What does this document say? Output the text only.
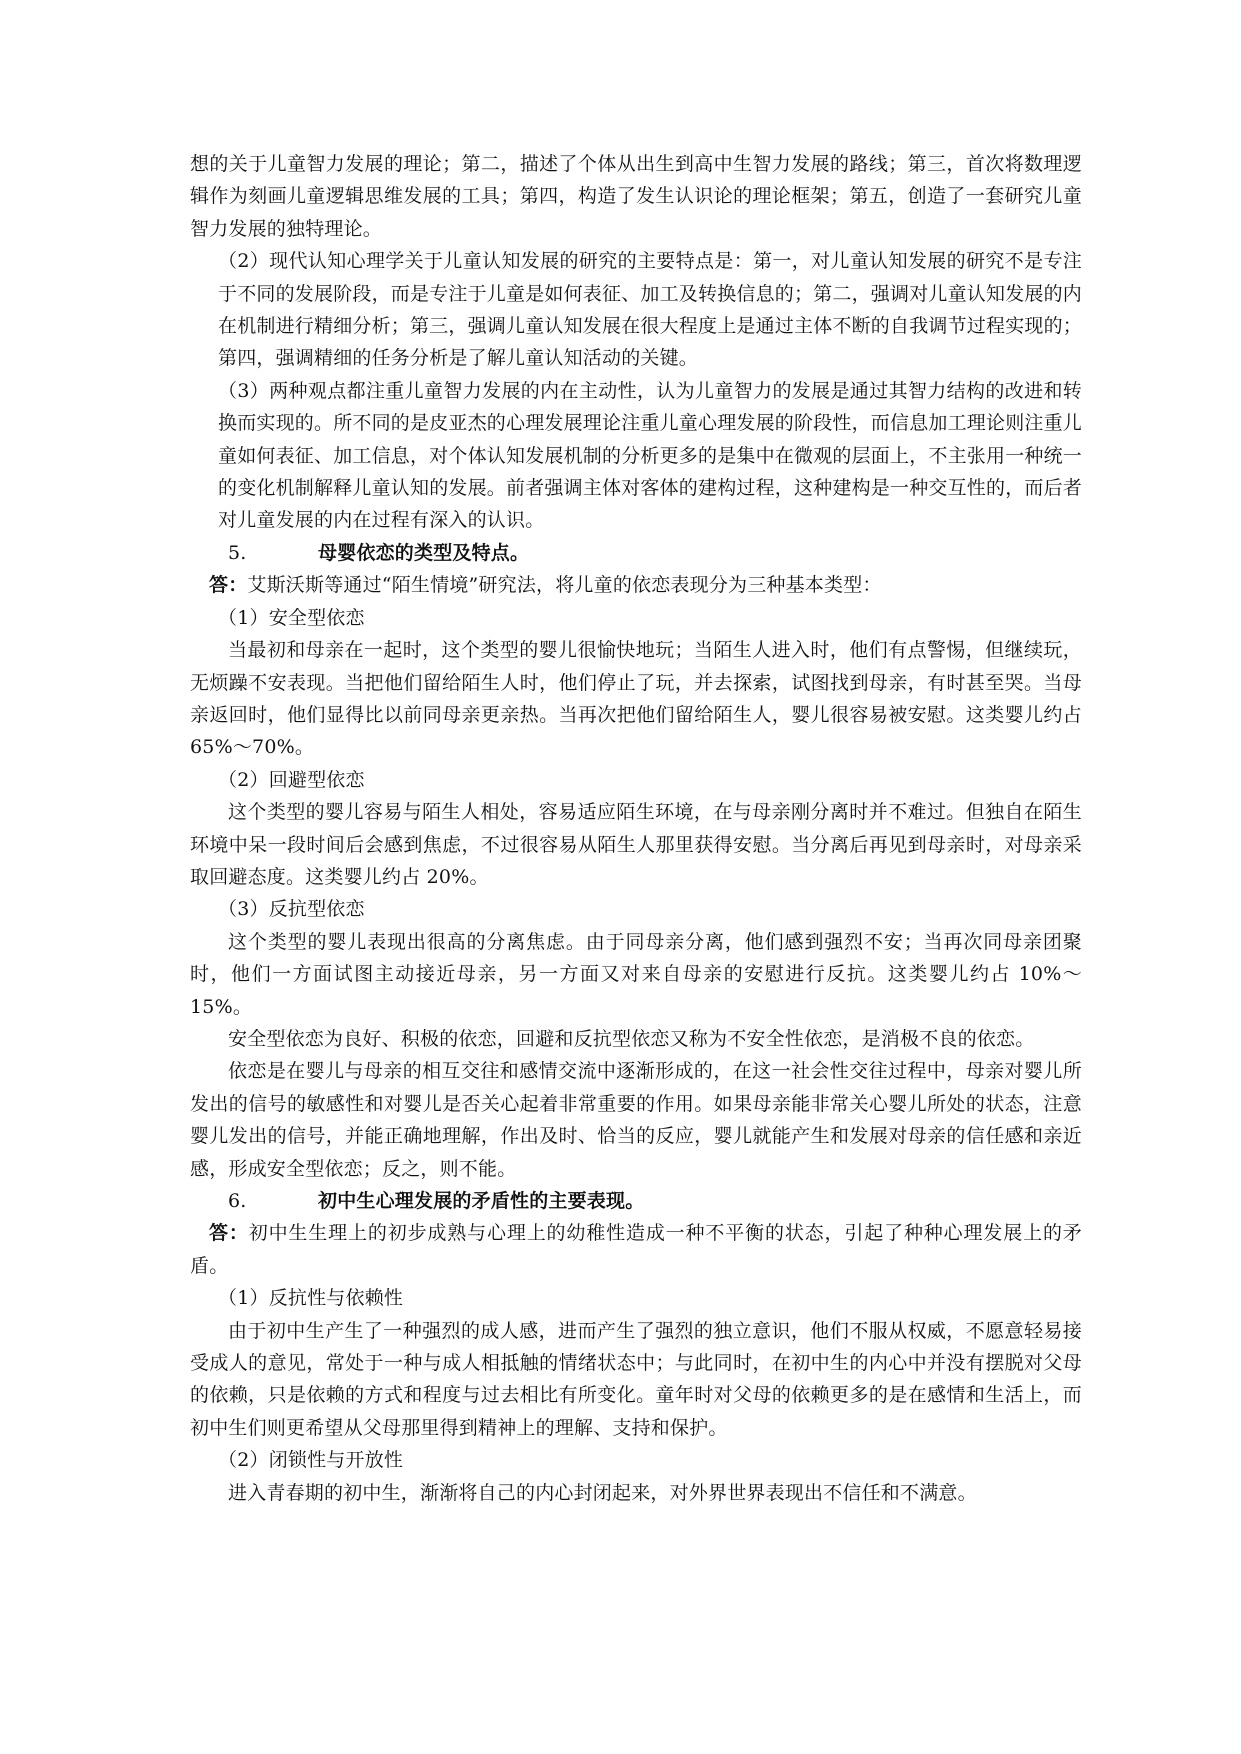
想的关于儿童智力发展的理论；第二，描述了个体从出生到高中生智力发展的路线；第三，首次将数理逻辑作为刻画儿童逻辑思维发展的工具；第四，构造了发生认识论的理论框架；第五，创造了一套研究儿童智力发展的独特理论。

（2）现代认知心理学关于儿童认知发展的研究的主要特点是：第一，对儿童认知发展的研究不是专注于不同的发展阶段，而是专注于儿童是如何表征、加工及转换信息的；第二，强调对儿童认知发展的内在机制进行精细分析；第三，强调儿童认知发展在很大程度上是通过主体不断的自我调节过程实现的；第四，强调精细的任务分析是了解儿童认知活动的关键。

（3）两种观点都注重儿童智力发展的内在主动性，认为儿童智力的发展是通过其智力结构的改进和转换而实现的。所不同的是皮亚杰的心理发展理论注重儿童心理发展的阶段性，而信息加工理论则注重儿童如何表征、加工信息，对个体认知发展机制的分析更多的是集中在微观的层面上，不主张用一种统一的变化机制解释儿童认知的发展。前者强调主体对客体的建构过程，这种建构是一种交互性的，而后者对儿童发展的内在过程有深入的认识。

5.	母婴依恋的类型及特点。

答：艾斯沃斯等通过“陌生情境”研究法，将儿童的依恋表现分为三种基本类型：

（1）安全型依恋

当最初和母亲在一起时，这个类型的婴儿很愉快地玩；当陌生人进入时，他们有点警惕，但继续玩，无烦躁不安表现。当把他们留给陌生人时，他们停止了玩，并去探索，试图找到母亲，有时甚至哭。当母亲返回时，他们显得比以前同母亲更亲热。当再次把他们留给陌生人，婴儿很容易被安慰。这类婴儿约占 65%～70%。

（2）回避型依恋

这个类型的婴儿容易与陌生人相处，容易适应陌生环境，在与母亲刚分离时并不难过。但独自在陌生环境中呆一段时间后会感到焦虑，不过很容易从陌生人那里获得安慰。当分离后再见到母亲时，对母亲采取回避态度。这类婴儿约占 20%。

（3）反抗型依恋

这个类型的婴儿表现出很高的分离焦虑。由于同母亲分离，他们感到强烈不安；当再次同母亲团聚时，他们一方面试图主动接近母亲，另一方面又对来自母亲的安慰进行反抗。这类婴儿约占 10%～15%。

安全型依恋为良好、积极的依恋，回避和反抗型依恋又称为不安全性依恋，是消极不良的依恋。

依恋是在婴儿与母亲的相互交往和感情交流中逐渐形成的，在这一社会性交往过程中，母亲对婴儿所发出的信号的敏感性和对婴儿是否关心起着非常重要的作用。如果母亲能非常关心婴儿所处的状态，注意婴儿发出的信号，并能正确地理解，作出及时、恰当的反应，婴儿就能产生和发展对母亲的信任感和亲近感，形成安全型依恋；反之，则不能。

6.	初中生心理发展的矛盾性的主要表现。

答：初中生生理上的初步成熟与心理上的幼稚性造成一种不平衡的状态，引起了种种心理发展上的矛盾。

（1）反抗性与依赖性

由于初中生产生了一种强烈的成人感，进而产生了强烈的独立意识，他们不服从权威，不愿意轻易接受成人的意见，常处于一种与成人相抵触的情绪状态中；与此同时，在初中生的内心中并没有摆脱对父母的依赖，只是依赖的方式和程度与过去相比有所变化。童年时对父母的依赖更多的是在感情和生活上，而初中生们则更希望从父母那里得到精神上的理解、支持和保护。

（2）闭锁性与开放性

进入青春期的初中生，渐渐将自己的内心封闭起来，对外界世界表现出不信任和不满意。
